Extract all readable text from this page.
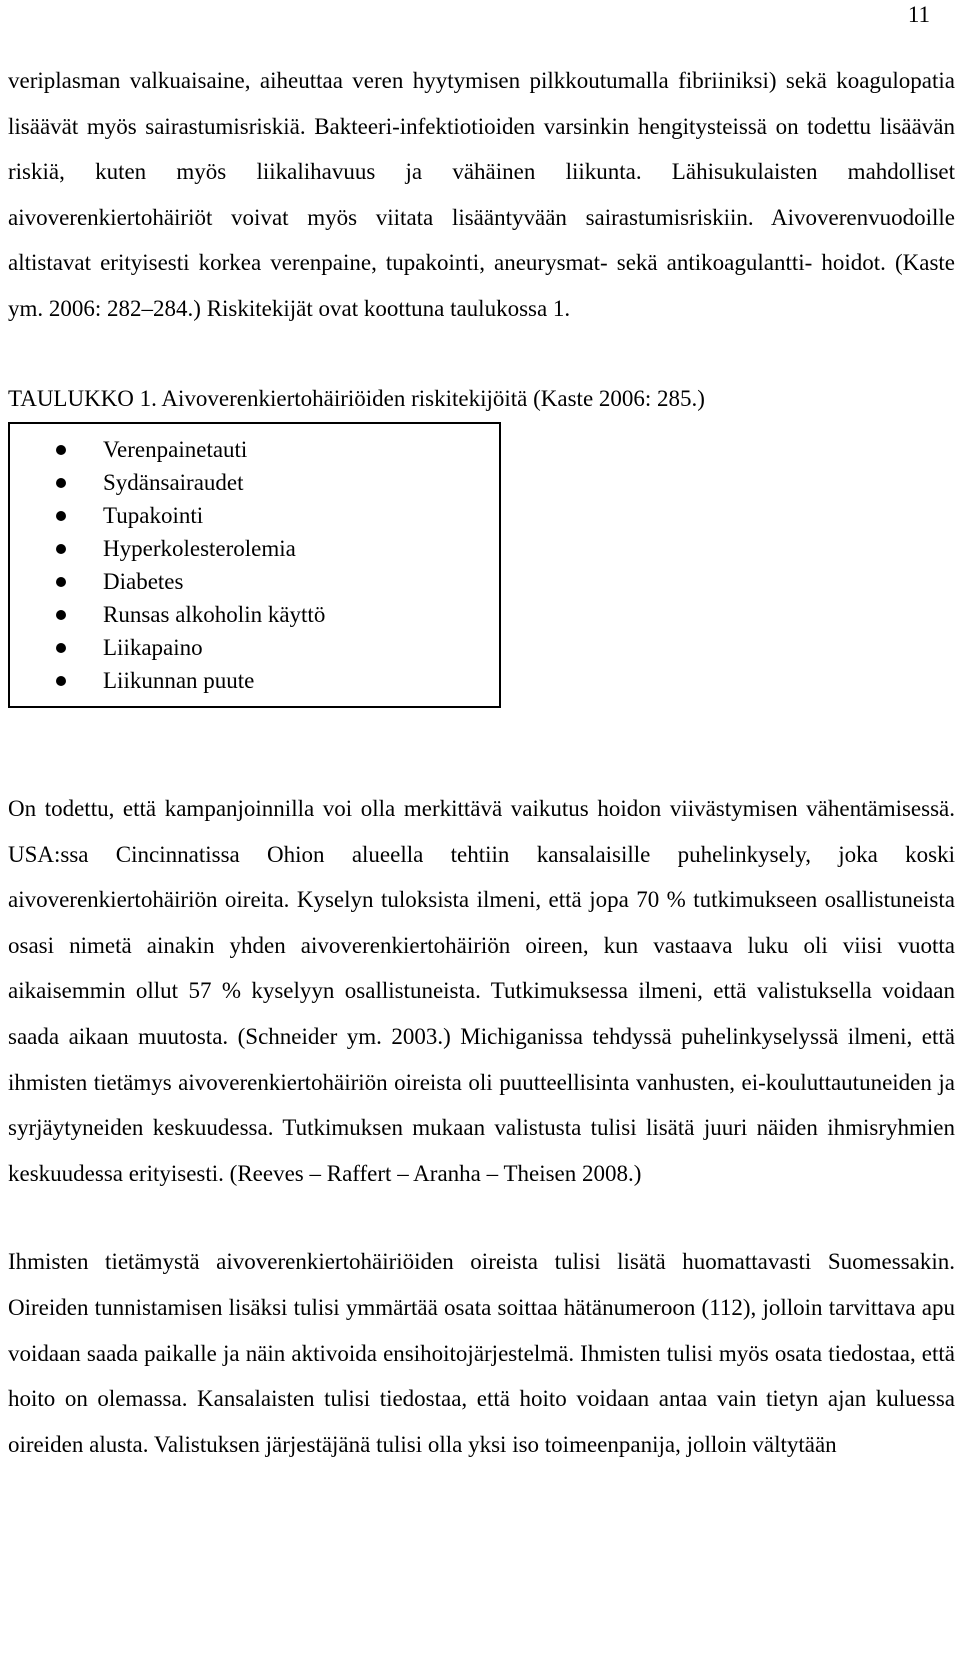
11

veriplasman valkuaisaine, aiheuttaa veren hyytymisen pilkkoutumalla fibriiniksi) sekä koagulopatia lisäävät myös sairastumisriskiä. Bakteeri-infektiotioiden varsinkin hengitysteissä on todettu lisäävän riskiä, kuten myös liikalihavuus ja vähäinen liikunta. Lähisukulaisten mahdolliset aivoverenkiertohäiriöt voivat myös viitata lisääntyvään sairastumisriskiin. Aivoverenvuodoille altistavat erityisesti korkea verenpaine, tupakointi, aneurysmat- sekä antikoagulantti- hoidot. (Kaste ym. 2006: 282–284.) Riskitekijät ovat koottuna taulukossa 1.

TAULUKKO 1. Aivoverenkiertohäiriöiden riskitekijöitä (Kaste 2006: 285.)
Verenpainetauti
Sydänsairaudet
Tupakointi
Hyperkolesterolemia
Diabetes
Runsas alkoholin käyttö
Liikapaino
Liikunnan puute

On todettu, että kampanjoinnilla voi olla merkittävä vaikutus hoidon viivästymisen vähentämisessä. USA:ssa Cincinnatissa Ohion alueella tehtiin kansalaisille puhelinkysely, joka koski aivoverenkiertohäiriön oireita. Kyselyn tuloksista ilmeni, että jopa 70 % tutkimukseen osallistuneista osasi nimetä ainakin yhden aivoverenkiertohäiriön oireen, kun vastaava luku oli viisi vuotta aikaisemmin ollut 57 % kyselyyn osallistuneista. Tutkimuksessa ilmeni, että valistuksella voidaan saada aikaan muutosta. (Schneider ym. 2003.) Michiganissa tehdyssä puhelinkyselyssä ilmeni, että ihmisten tietämys aivoverenkiertohäiriön oireista oli puutteellisinta vanhusten, ei-kouluttautuneiden ja syrjäytyneiden keskuudessa. Tutkimuksen mukaan valistusta tulisi lisätä juuri näiden ihmisryhmien keskuudessa erityisesti. (Reeves – Raffert – Aranha – Theisen 2008.)

Ihmisten tietämystä aivoverenkiertohäiriöiden oireista tulisi lisätä huomattavasti Suomessakin. Oireiden tunnistamisen lisäksi tulisi ymmärtää osata soittaa hätänumeroon (112), jolloin tarvittava apu voidaan saada paikalle ja näin aktivoida ensihoitojärjestelmä. Ihmisten tulisi myös osata tiedostaa, että hoito on olemassa. Kansalaisten tulisi tiedostaa, että hoito voidaan antaa vain tietyn ajan kuluessa oireiden alusta. Valistuksen järjestäjänä tulisi olla yksi iso toimeenpanija, jolloin vältytään
